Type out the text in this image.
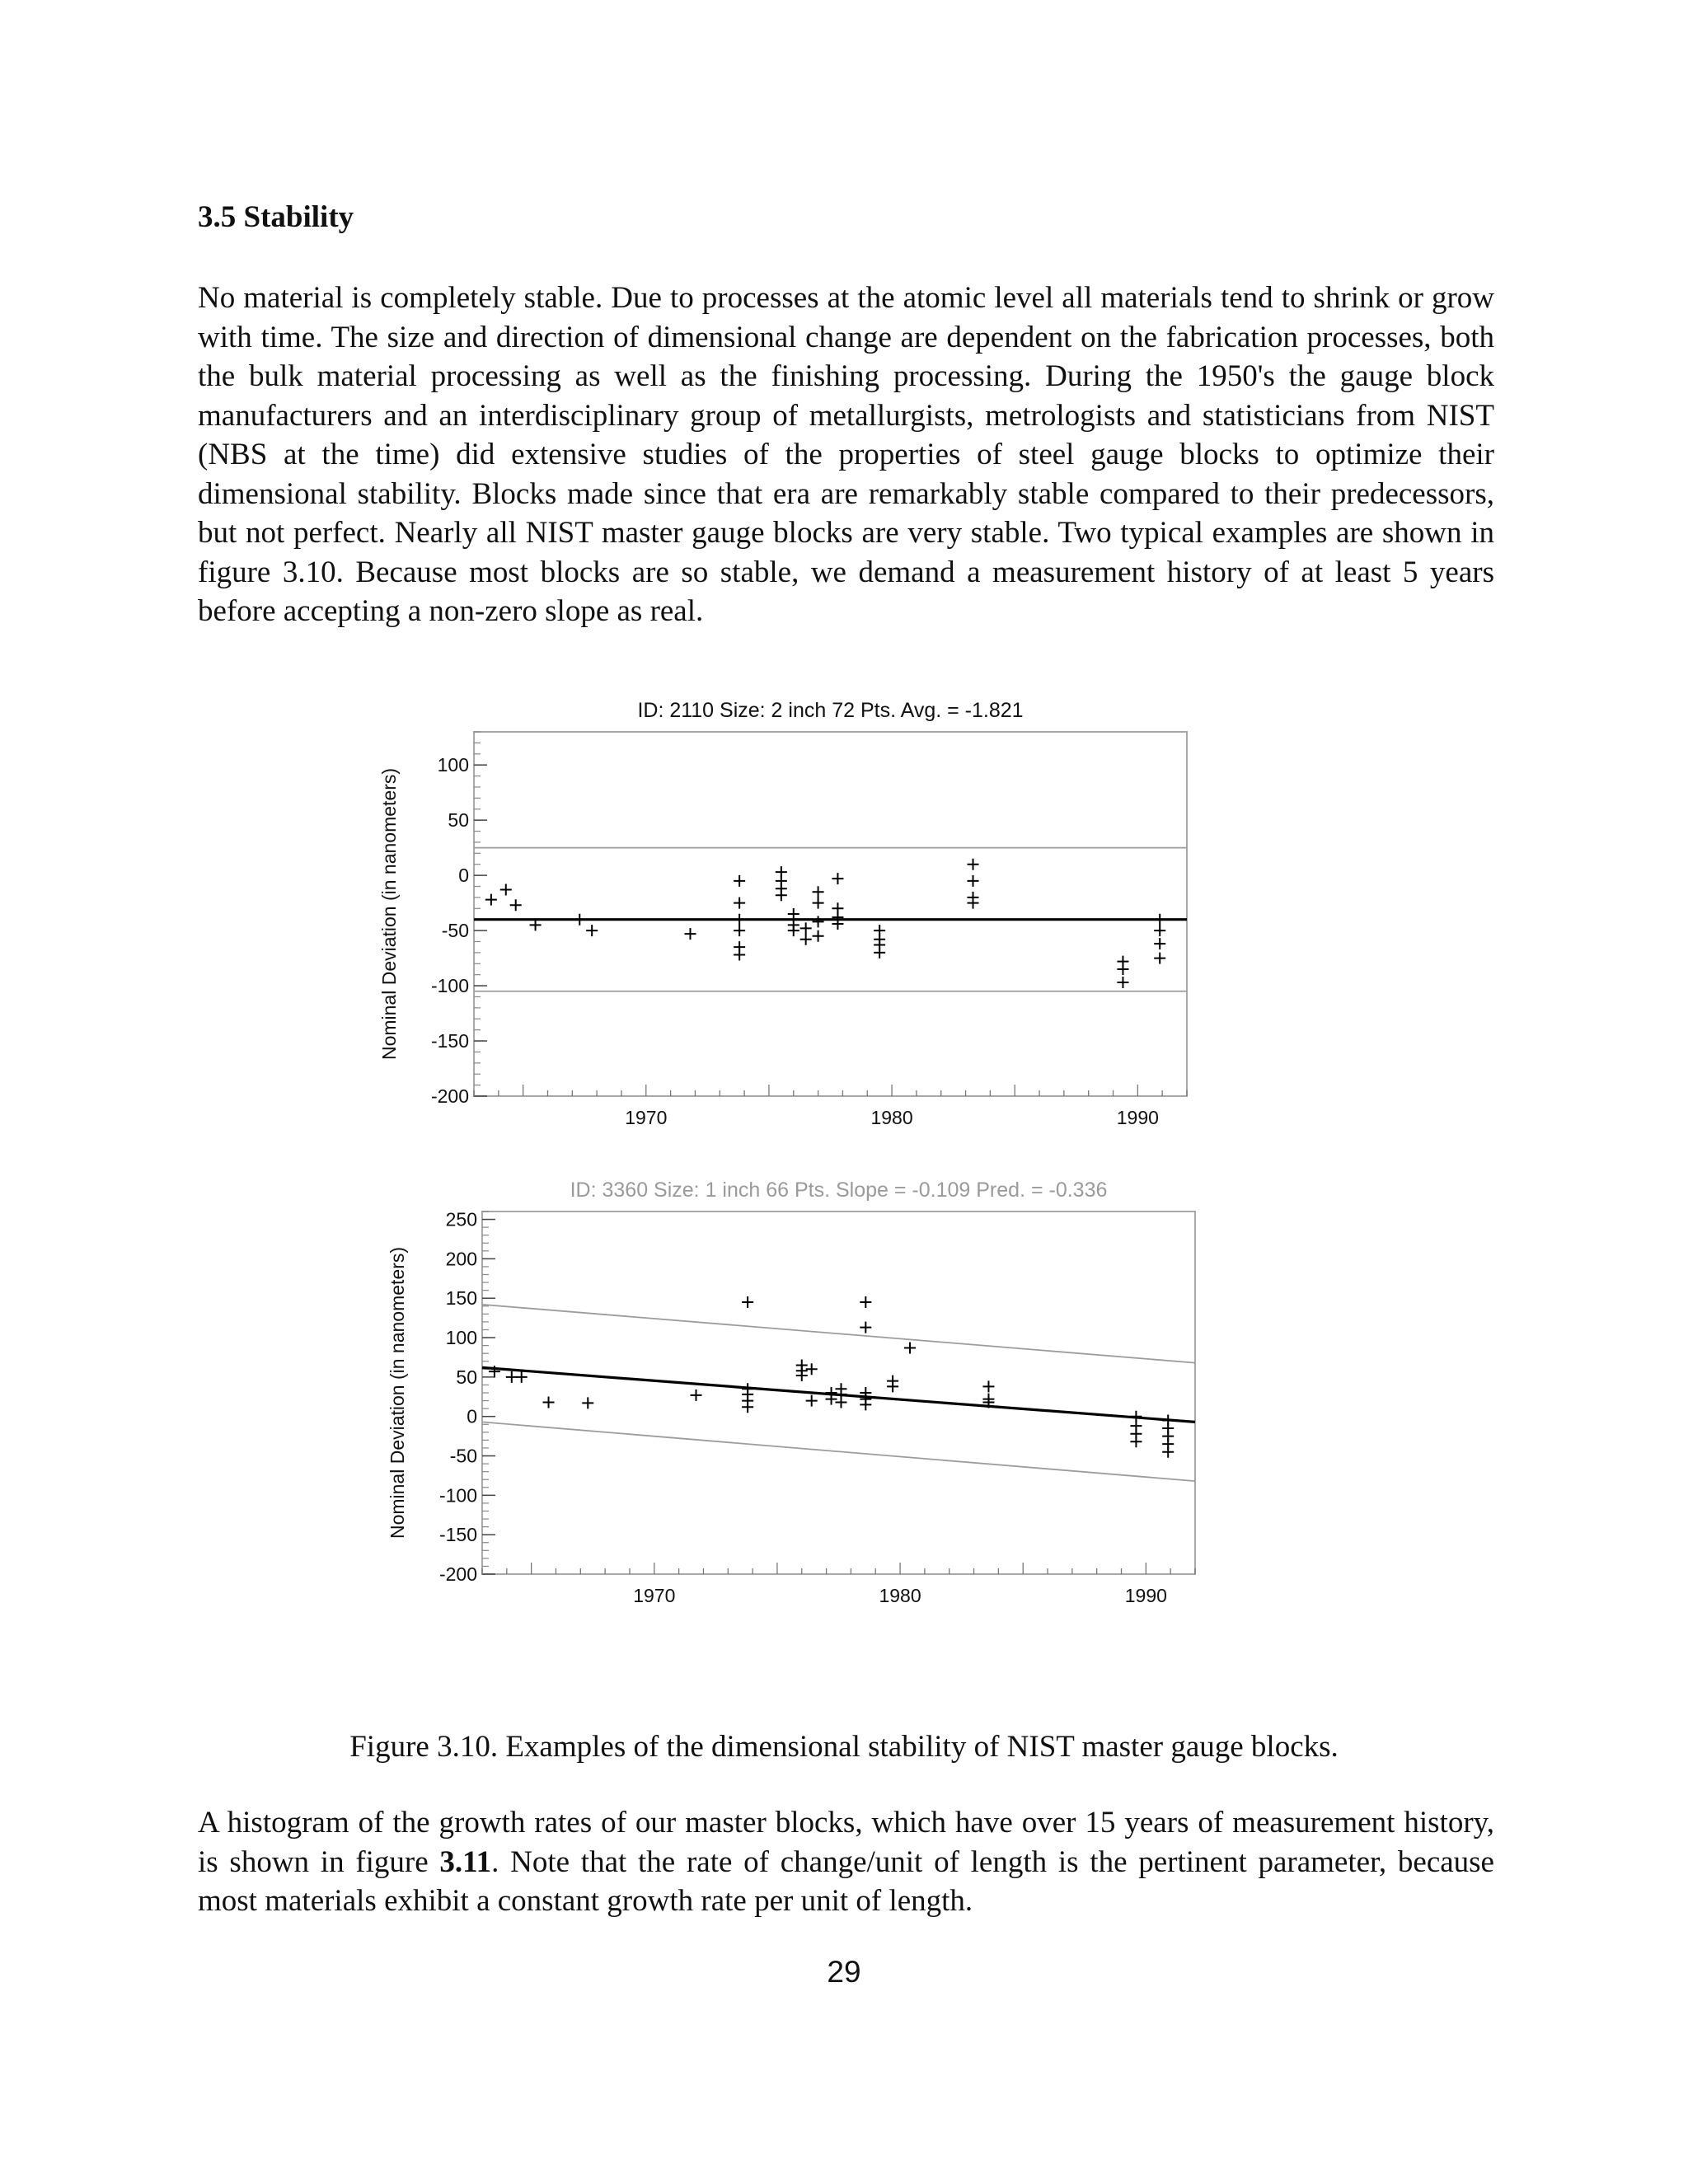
3.5 Stability

No material is completely stable. Due to processes at the atomic level all materials tend to shrink or grow with time. The size and direction of dimensional change are dependent on the fabrication processes, both the bulk material processing as well as the finishing processing. During the 1950's the gauge block manufacturers and an interdisciplinary group of metallurgists, metrologists and statisticians from NIST (NBS at the time) did extensive studies of the properties of steel gauge blocks to optimize their dimensional stability. Blocks made since that era are remarkably stable compared to their predecessors, but not perfect. Nearly all NIST master gauge blocks are very stable. Two typical examples are shown in figure 3.10. Because most blocks are so stable, we demand a measurement history of at least 5 years before accepting a non-zero slope as real.

ID: 2110 Size: 2 inch 72 Pts. Avg. = -1.821
Nominal Deviation (in nanometers)
100
50
0
-50
-100
-150
-200
1970	1980	1990
ID: 3360 Size: 1 inch 66 Pts. Slope = -0.109 Pred. = -0.336
Nominal Deviation (in nanometers)
250
200
150
100
50
0
-50
-100
-150
-200
1970	1980	1990
Figure 3.10. Examples of the dimensional stability of NIST master gauge blocks.

A histogram of the growth rates of our master blocks, which have over 15 years of measurement history, is shown in figure 3.11. Note that the rate of change/unit of length is the pertinent parameter, because most materials exhibit a constant growth rate per unit of length.

29
